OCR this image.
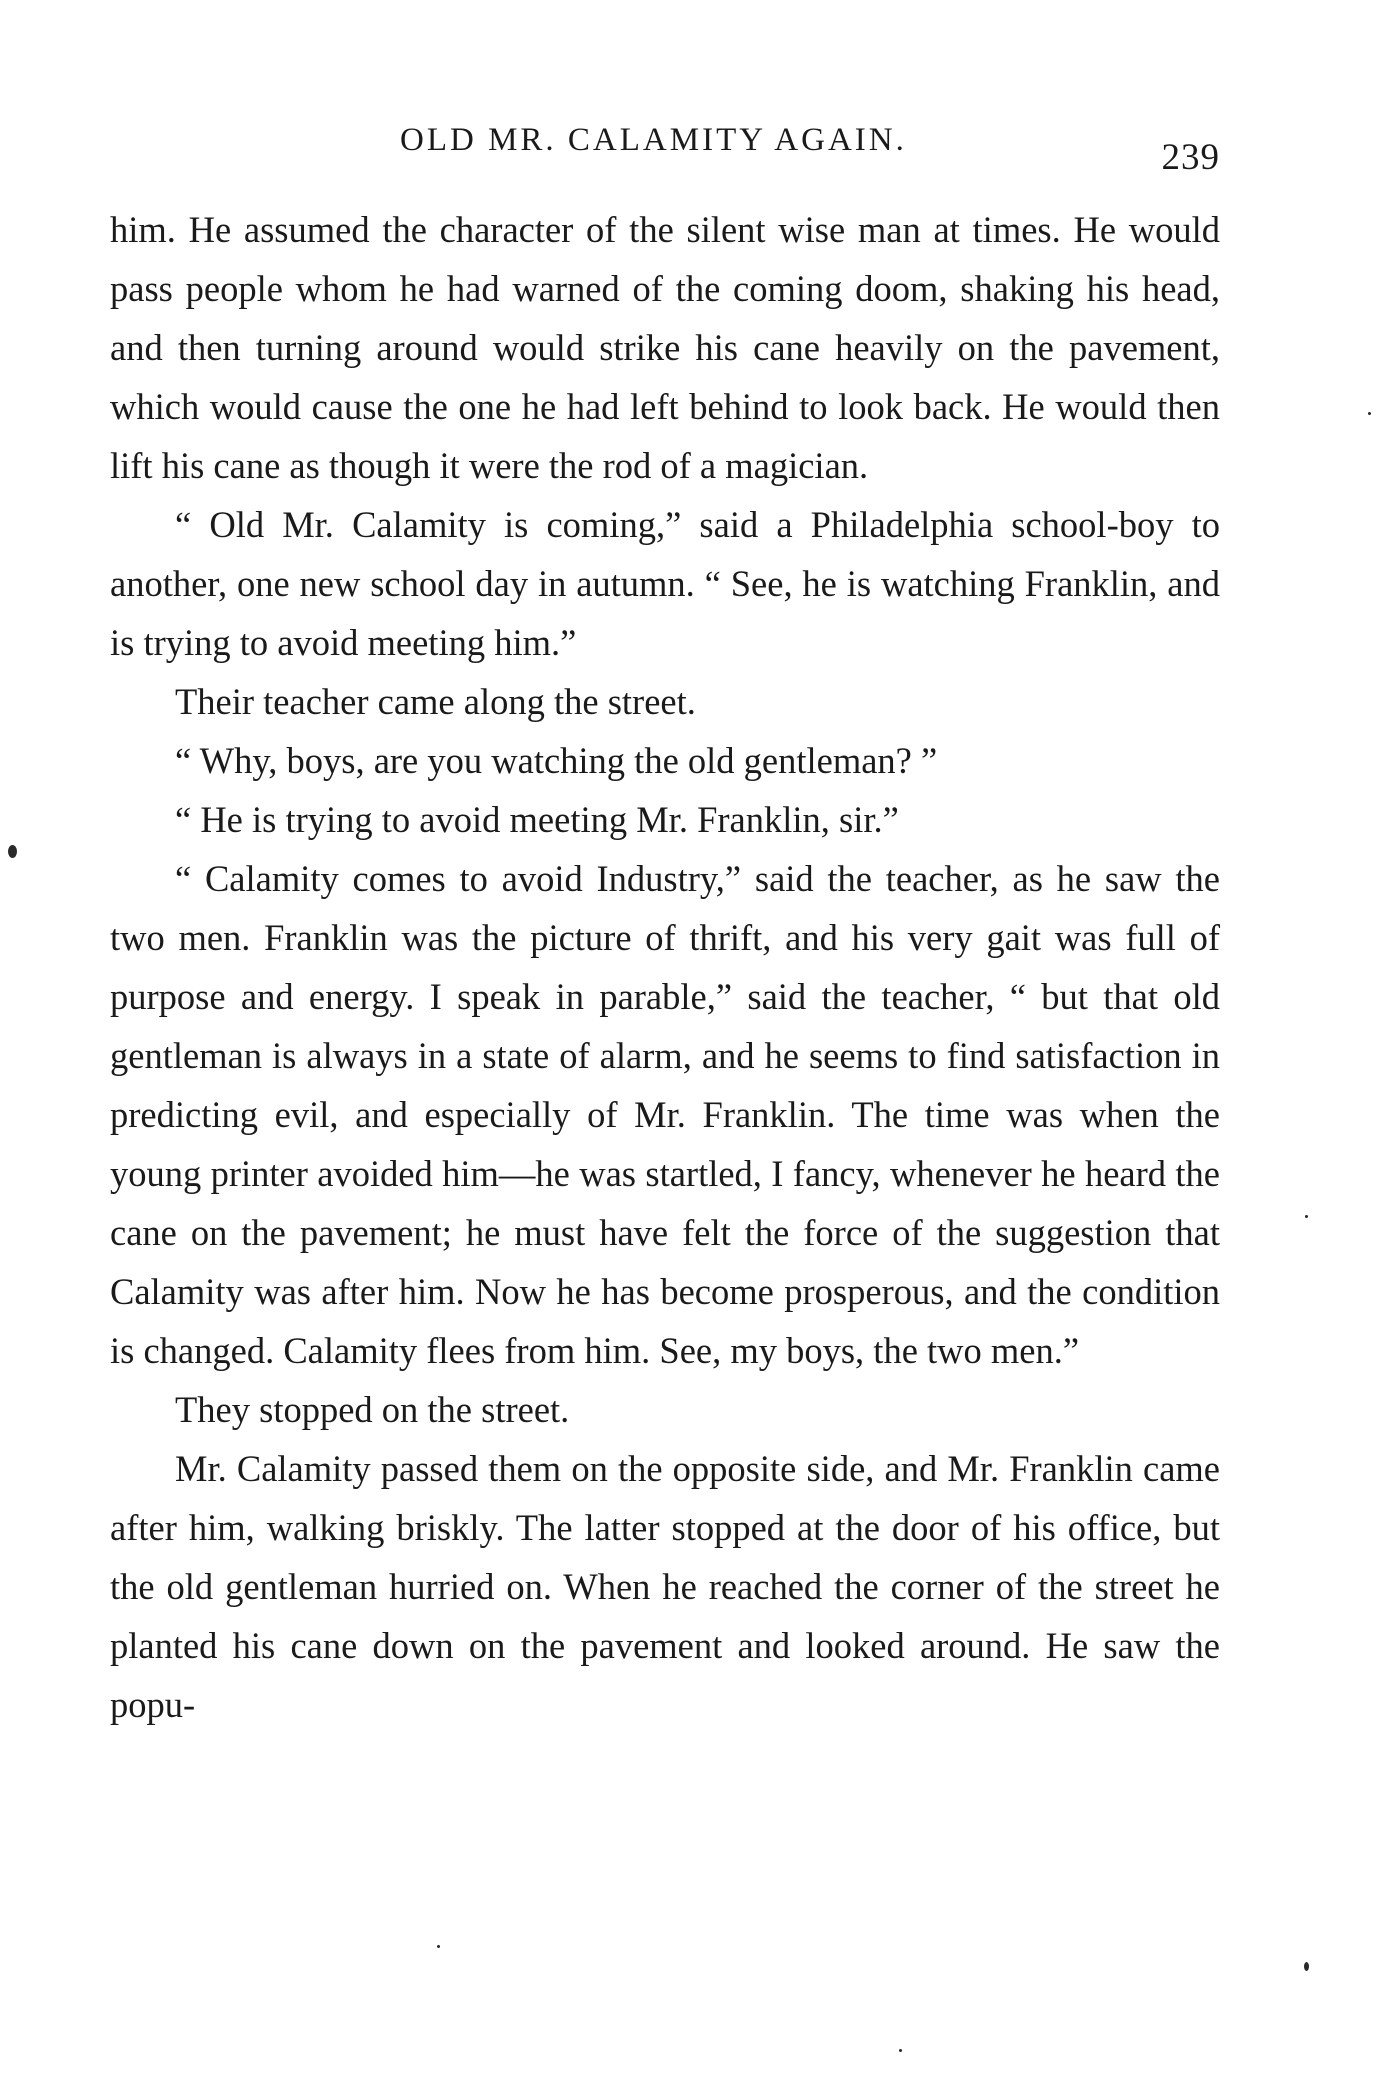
OLD MR. CALAMITY AGAIN.	239

him. He assumed the character of the silent wise man at times. He would pass people whom he had warned of the coming doom, shaking his head, and then turning around would strike his cane heavily on the pavement, which would cause the one he had left behind to look back. He would then lift his cane as though it were the rod of a magician.

“ Old Mr. Calamity is coming,” said a Philadelphia school-boy to another, one new school day in autumn. “ See, he is watching Franklin, and is trying to avoid meeting him.”

Their teacher came along the street.

“ Why, boys, are you watching the old gentleman? ”

“ He is trying to avoid meeting Mr. Franklin, sir.”

“ Calamity comes to avoid Industry,” said the teacher, as he saw the two men. Franklin was the picture of thrift, and his very gait was full of purpose and energy. I speak in parable,” said the teacher, “ but that old gentleman is always in a state of alarm, and he seems to find satisfaction in predicting evil, and especially of Mr. Franklin. The time was when the young printer avoided him—he was startled, I fancy, whenever he heard the cane on the pavement; he must have felt the force of the suggestion that Calamity was after him. Now he has become prosperous, and the condition is changed. Calamity flees from him. See, my boys, the two men.”

They stopped on the street.

Mr. Calamity passed them on the opposite side, and Mr. Franklin came after him, walking briskly. The latter stopped at the door of his office, but the old gentleman hurried on. When he reached the corner of the street he planted his cane down on the pavement and looked around. He saw the popu-
